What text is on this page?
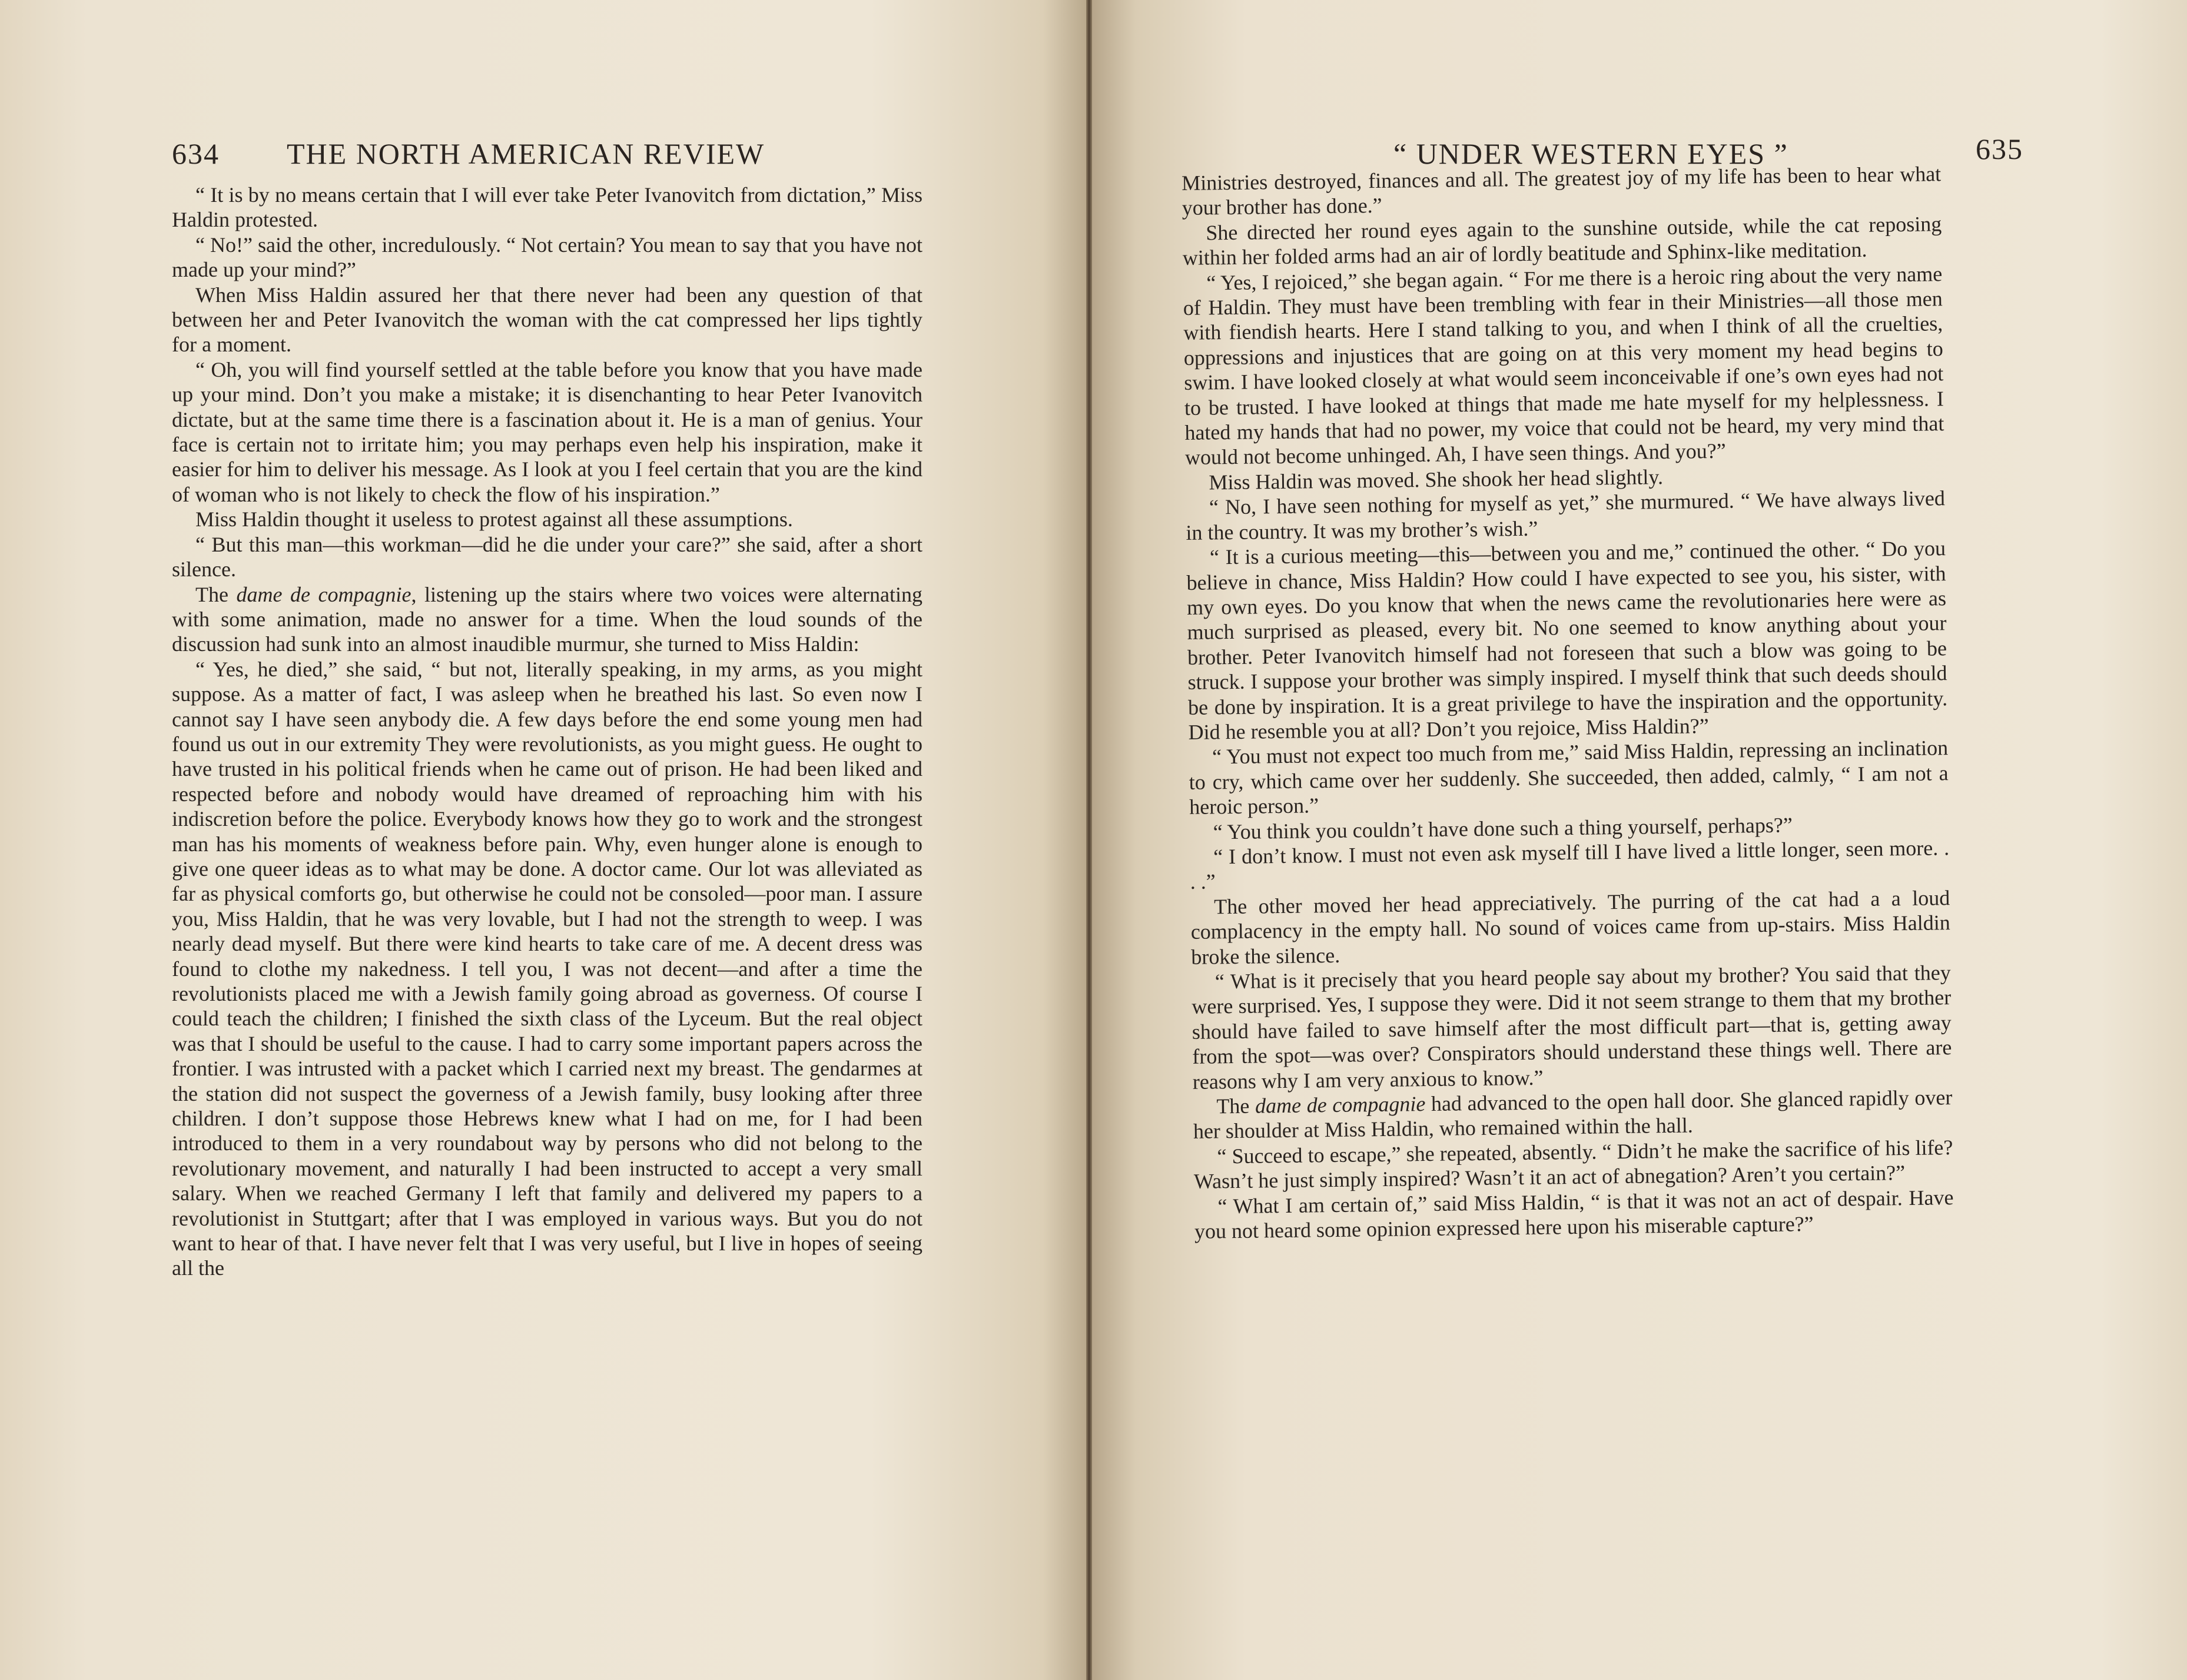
634 THE NORTH AMERICAN REVIEW

“ It is by no means certain that I will ever take Peter Ivanovitch from dictation,” Miss Haldin protested.

“ No!” said the other, incredulously. “ Not certain? You mean to say that you have not made up your mind?”

When Miss Haldin assured her that there never had been any question of that between her and Peter Ivanovitch the woman with the cat compressed her lips tightly for a moment.

“ Oh, you will find yourself settled at the table before you know that you have made up your mind. Don’t you make a mistake; it is disenchanting to hear Peter Ivanovitch dictate, but at the same time there is a fascination about it. He is a man of genius. Your face is certain not to irritate him; you may perhaps even help his inspiration, make it easier for him to deliver his message. As I look at you I feel certain that you are the kind of woman who is not likely to check the flow of his inspiration.”

Miss Haldin thought it useless to protest against all these assumptions.

“ But this man—this workman—did he die under your care?” she said, after a short silence.

The dame de compagnie, listening up the stairs where two voices were alternating with some animation, made no answer for a time. When the loud sounds of the discussion had sunk into an almost inaudible murmur, she turned to Miss Haldin:

“ Yes, he died,” she said, “ but not, literally speaking, in my arms, as you might suppose. As a matter of fact, I was asleep when he breathed his last. So even now I cannot say I have seen anybody die. A few days before the end some young men had found us out in our extremity They were revolutionists, as you might guess. He ought to have trusted in his political friends when he came out of prison. He had been liked and respected before and nobody would have dreamed of reproaching him with his indiscretion before the police. Everybody knows how they go to work and the strongest man has his moments of weakness before pain. Why, even hunger alone is enough to give one queer ideas as to what may be done. A doctor came. Our lot was alleviated as far as physical comforts go, but otherwise he could not be consoled—poor man. I assure you, Miss Haldin, that he was very lovable, but I had not the strength to weep. I was nearly dead myself. But there were kind hearts to take care of me. A decent dress was found to clothe my nakedness. I tell you, I was not decent—and after a time the revolutionists placed me with a Jewish family going abroad as governess. Of course I could teach the children; I finished the sixth class of the Lyceum. But the real object was that I should be useful to the cause. I had to carry some important papers across the frontier. I was intrusted with a packet which I carried next my breast. The gendarmes at the station did not suspect the governess of a Jewish family, busy looking after three children. I don’t suppose those Hebrews knew what I had on me, for I had been introduced to them in a very roundabout way by persons who did not belong to the revolutionary movement, and naturally I had been instructed to accept a very small salary. When we reached Germany I left that family and delivered my papers to a revolutionist in Stuttgart; after that I was employed in various ways. But you do not want to hear of that. I have never felt that I was very useful, but I live in hopes of seeing all the

“ UNDER WESTERN EYES ”	635

Ministries destroyed, finances and all. The greatest joy of my life has been to hear what your brother has done.”

She directed her round eyes again to the sunshine outside, while the cat reposing within her folded arms had an air of lordly beatitude and Sphinx-like meditation.

“ Yes, I rejoiced,” she began again. “ For me there is a heroic ring about the very name of Haldin. They must have been trembling with fear in their Ministries—all those men with fiendish hearts. Here I stand talking to you, and when I think of all the cruelties, oppressions and injustices that are going on at this very moment my head begins to swim. I have looked closely at what would seem inconceivable if one’s own eyes had not to be trusted. I have looked at things that made me hate myself for my helplessness. I hated my hands that had no power, my voice that could not be heard, my very mind that would not become unhinged. Ah, I have seen things. And you?”

Miss Haldin was moved. She shook her head slightly.

“ No, I have seen nothing for myself as yet,” she murmured. “ We have always lived in the country. It was my brother’s wish.”

“ It is a curious meeting—this—between you and me,” continued the other. “ Do you believe in chance, Miss Haldin? How could I have expected to see you, his sister, with my own eyes. Do you know that when the news came the revolutionaries here were as much surprised as pleased, every bit. No one seemed to know anything about your brother. Peter Ivanovitch himself had not foreseen that such a blow was going to be struck. I suppose your brother was simply inspired. I myself think that such deeds should be done by inspiration. It is a great privilege to have the inspiration and the opportunity. Did he resemble you at all? Don’t you rejoice, Miss Haldin?”

“ You must not expect too much from me,” said Miss Haldin, repressing an inclination to cry, which came over her suddenly. She succeeded, then added, calmly, “ I am not a heroic person.”

“ You think you couldn’t have done such a thing yourself, perhaps?”

“ I don’t know. I must not even ask myself till I have lived a little longer, seen more. . . .”

The other moved her head appreciatively. The purring of the cat had a a loud complacency in the empty hall. No sound of voices came from up-stairs. Miss Haldin broke the silence.

“ What is it precisely that you heard people say about my brother? You said that they were surprised. Yes, I suppose they were. Did it not seem strange to them that my brother should have failed to save himself after the most difficult part—that is, getting away from the spot—was over? Conspirators should understand these things well. There are reasons why I am very anxious to know.”

The dame de compagnie had advanced to the open hall door. She glanced rapidly over her shoulder at Miss Haldin, who remained within the hall.

“ Succeed to escape,” she repeated, absently. “ Didn’t he make the sacrifice of his life? Wasn’t he just simply inspired? Wasn’t it an act of abnegation? Aren’t you certain?”

“ What I am certain of,” said Miss Haldin, “ is that it was not an act of despair. Have you not heard some opinion expressed here upon his miserable capture?”
